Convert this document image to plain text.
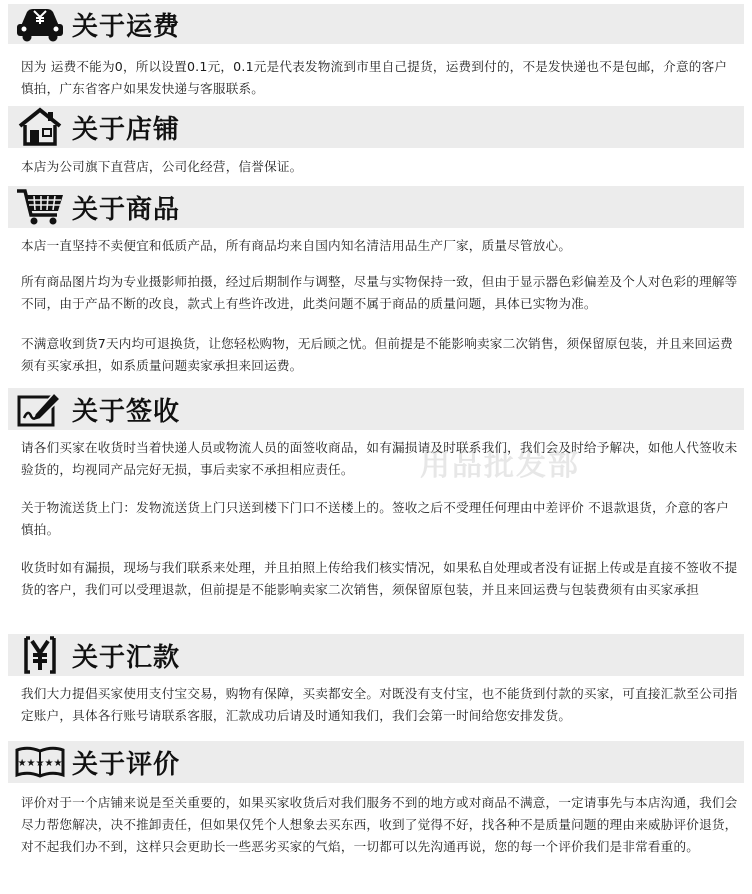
关于运费
因为 运费不能为0，所以设置0.1元，0.1元是代表发物流到市里自己提货，运费到付的，不是发快递也不是包邮，介意的客户慎拍，广东省客户如果发快递与客服联系。
关于店铺
本店为公司旗下直营店，公司化经营，信誉保证。
关于商品
本店一直坚持不卖便宜和低质产品，所有商品均来自国内知名清洁用品生产厂家，质量尽管放心。
所有商品图片均为专业摄影师拍摄，经过后期制作与调整，尽量与实物保持一致，但由于显示器色彩偏差及个人对色彩的理解等不同，由于产品不断的改良，款式上有些许改进，此类问题不属于商品的质量问题，具体已实物为准。
不满意收到货7天内均可退换货，让您轻松购物，无后顾之忧。但前提是不能影响卖家二次销售，须保留原包装，并且来回运费须有买家承担，如系质量问题卖家承担来回运费。
关于签收
请各们买家在收货时当着快递人员或物流人员的面签收商品，如有漏损请及时联系我们，我们会及时给予解决，如他人代签收未验货的，均视同产品完好无损，事后卖家不承担相应责任。
关于物流送货上门：发物流送货上门只送到楼下门口不送楼上的。签收之后不受理任何理由中差评价 不退款退货，介意的客户慎拍。
收货时如有漏损，现场与我们联系来处理，并且拍照上传给我们核实情况，如果私自处理或者没有证据上传或是直接不签收不提货的客户，我们可以受理退款，但前提是不能影响卖家二次销售，须保留原包装，并且来回运费与包装费须有由买家承担
用品批发部
关于汇款
我们大力提倡买家使用支付宝交易，购物有保障，买卖都安全。对既没有支付宝，也不能货到付款的买家，可直接汇款至公司指定账户，具体各行账号请联系客服，汇款成功后请及时通知我们，我们会第一时间给您安排发货。
★★★★★ 关于评价
评价对于一个店铺来说是至关重要的，如果买家收货后对我们服务不到的地方或对商品不满意，一定请事先与本店沟通，我们会尽力帮您解决，决不推卸责任，但如果仅凭个人想象去买东西，收到了觉得不好，找各种不是质量问题的理由来威胁评价退货，对不起我们办不到，这样只会更助长一些恶劣买家的气焰，一切都可以先沟通再说，您的每一个评价我们是非常看重的。
